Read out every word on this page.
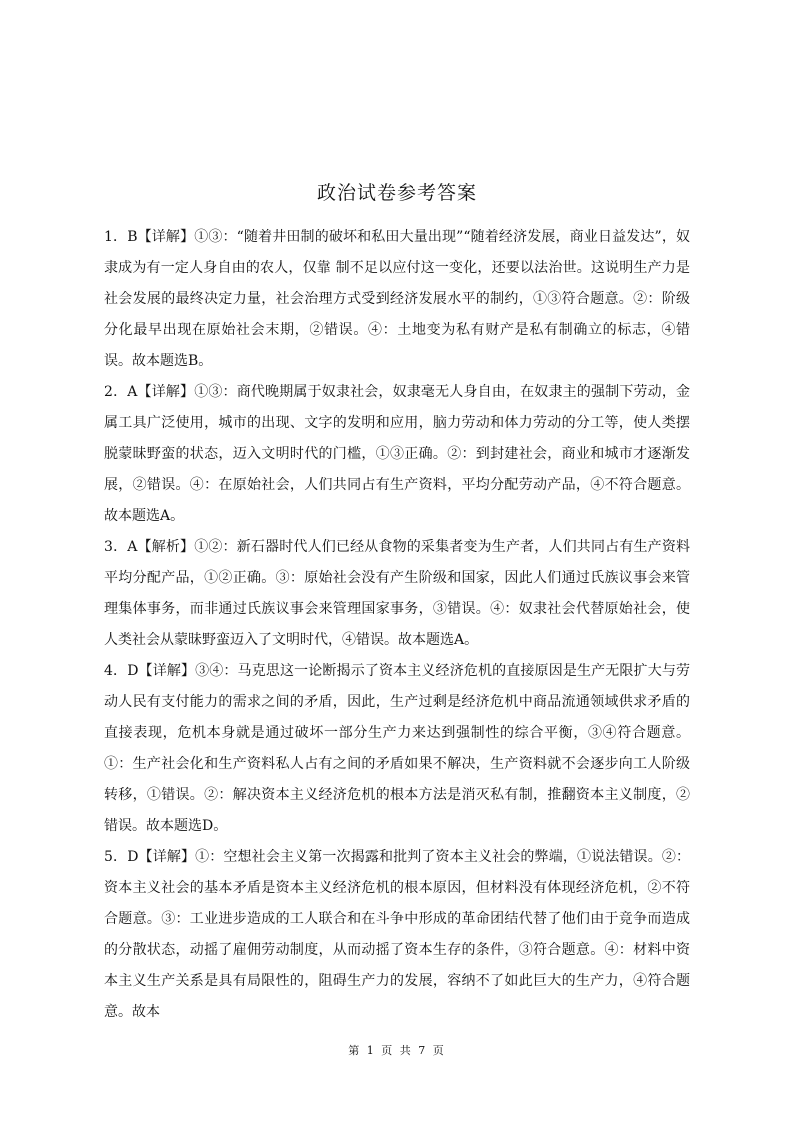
政治试卷参考答案

1．B【详解】①③：“随着井田制的破坏和私田大量出现”“随着经济发展，商业日益发达”，奴隶成为有一定人身自由的农人，仅靠 制不足以应付这一变化，还要以法治世。这说明生产力是社会发展的最终决定力量，社会治理方式受到经济发展水平的制约，①③符合题意。②：阶级分化最早出现在原始社会末期，②错误。④：土地变为私有财产是私有制确立的标志，④错误。故本题选B。

2．A【详解】①③：商代晚期属于奴隶社会，奴隶毫无人身自由，在奴隶主的强制下劳动，金属工具广泛使用，城市的出现、文字的发明和应用，脑力劳动和体力劳动的分工等，使人类摆脱蒙昧野蛮的状态，迈入文明时代的门槛，①③正确。②：到封建社会，商业和城市才逐渐发展，②错误。④：在原始社会，人们共同占有生产资料，平均分配劳动产品，④不符合题意。故本题选A。

3．A【解析】①②：新石器时代人们已经从食物的采集者变为生产者，人们共同占有生产资料平均分配产品，①②正确。③：原始社会没有产生阶级和国家，因此人们通过氏族议事会来管理集体事务，而非通过氏族议事会来管理国家事务，③错误。④：奴隶社会代替原始社会，使人类社会从蒙昧野蛮迈入了文明时代，④错误。故本题选A。

4．D【详解】③④：马克思这一论断揭示了资本主义经济危机的直接原因是生产无限扩大与劳动人民有支付能力的需求之间的矛盾，因此，生产过剩是经济危机中商品流通领域供求矛盾的直接表现，危机本身就是通过破坏一部分生产力来达到强制性的综合平衡，③④符合题意。①：生产社会化和生产资料私人占有之间的矛盾如果不解决，生产资料就不会逐步向工人阶级转移，①错误。②：解决资本主义经济危机的根本方法是消灭私有制，推翻资本主义制度，②错误。故本题选D。

5．D【详解】①：空想社会主义第一次揭露和批判了资本主义社会的弊端，①说法错误。②：资本主义社会的基本矛盾是资本主义经济危机的根本原因，但材料没有体现经济危机，②不符合题意。③：工业进步造成的工人联合和在斗争中形成的革命团结代替了他们由于竞争而造成的分散状态，动摇了雇佣劳动制度，从而动摇了资本生存的条件，③符合题意。④：材料中资本主义生产关系是具有局限性的，阻碍生产力的发展，容纳不了如此巨大的生产力，④符合题意。故本

第 1 页 共 7 页
